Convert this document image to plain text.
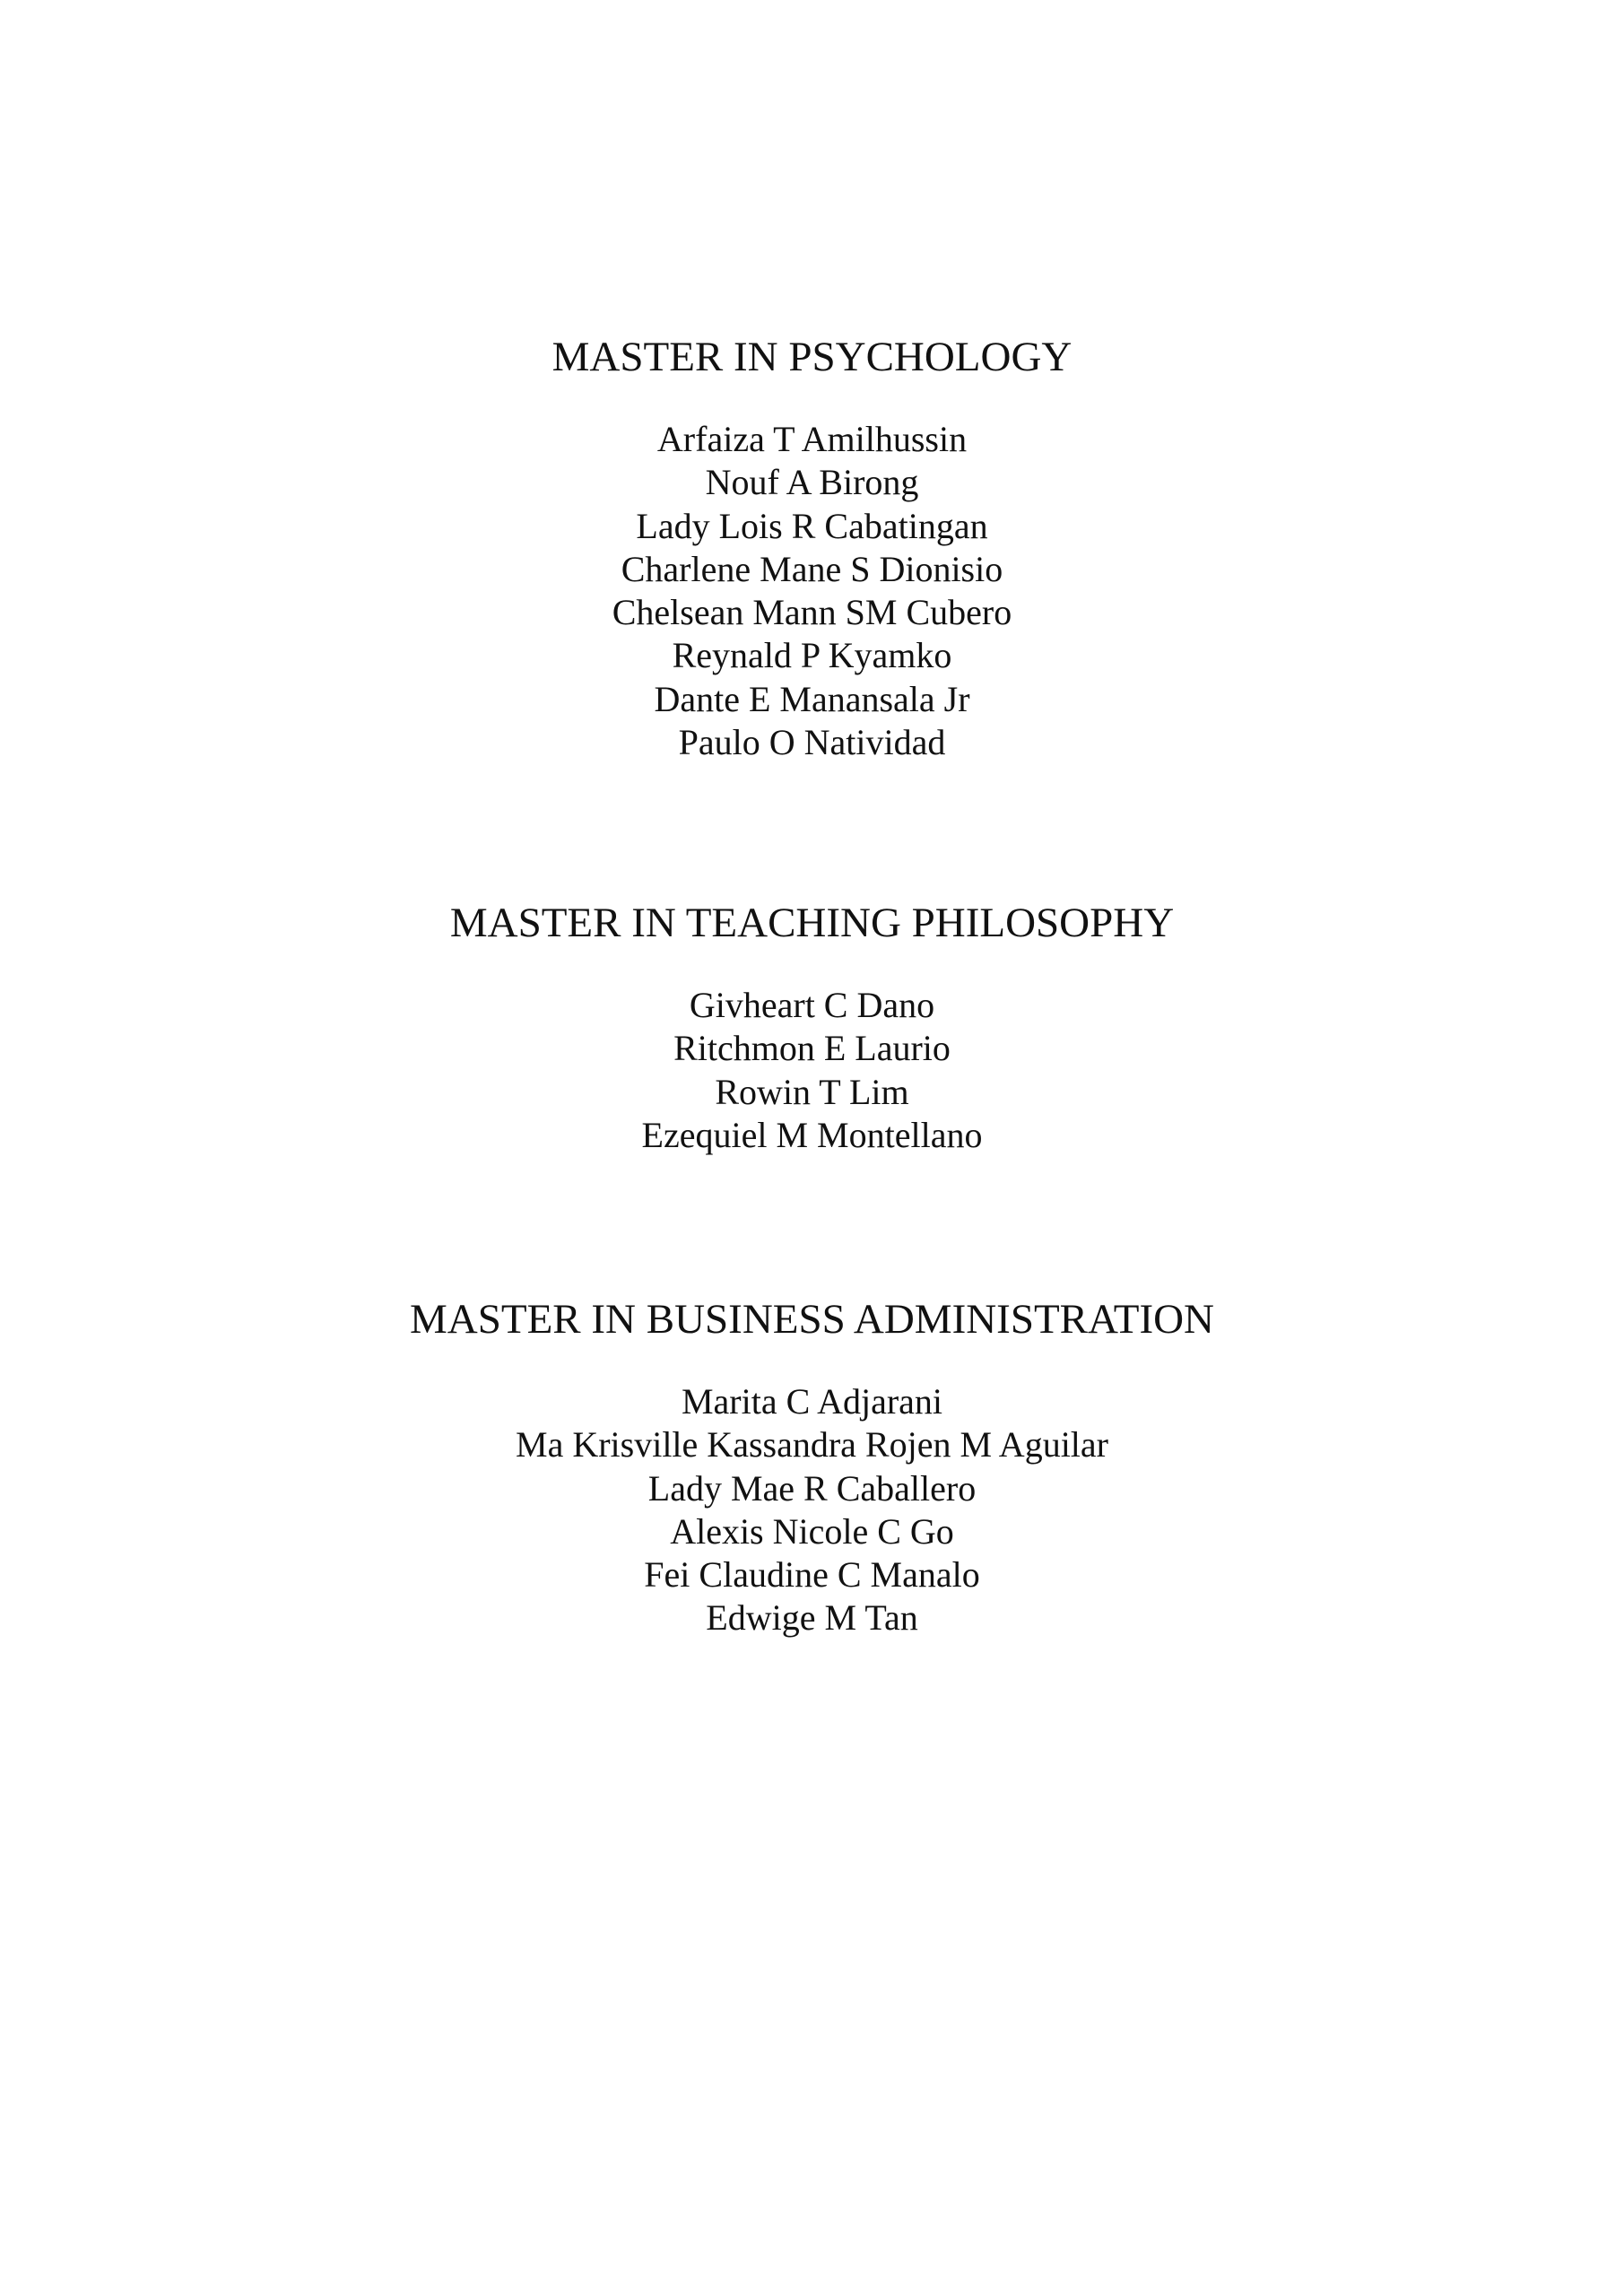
MASTER IN PSYCHOLOGY
Arfaiza T Amilhussin
Nouf A Birong
Lady Lois R Cabatingan
Charlene Mane S Dionisio
Chelsean Mann SM Cubero
Reynald P Kyamko
Dante E Manansala Jr
Paulo O Natividad
MASTER IN TEACHING PHILOSOPHY
Givheart C Dano
Ritchmon E Laurio
Rowin T Lim
Ezequiel M Montellano
MASTER IN BUSINESS ADMINISTRATION
Marita C Adjarani
Ma Krisville Kassandra Rojen M Aguilar
Lady Mae R Caballero
Alexis Nicole C Go
Fei Claudine C Manalo
Edwige M Tan
